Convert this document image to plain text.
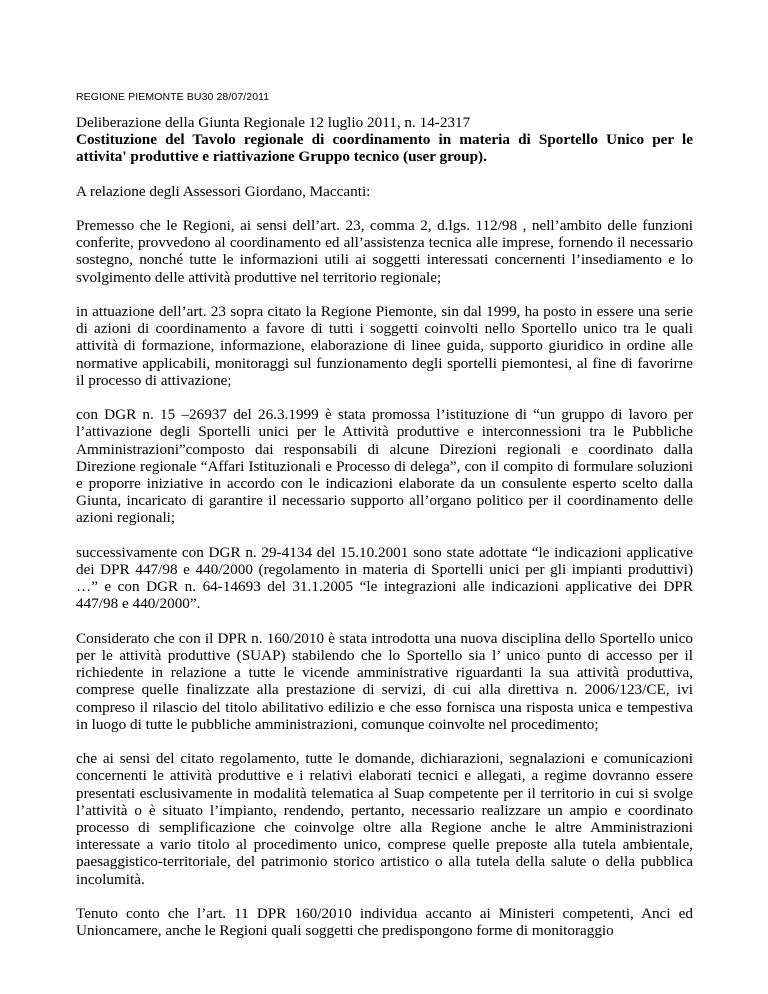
REGIONE PIEMONTE BU30 28/07/2011

Deliberazione della Giunta Regionale 12 luglio 2011, n. 14-2317

Costituzione del Tavolo regionale di coordinamento in materia di Sportello Unico per le attivita' produttive e riattivazione Gruppo tecnico (user group).

A relazione degli Assessori Giordano, Maccanti:

Premesso che le Regioni, ai sensi dell’art. 23, comma 2, d.lgs. 112/98 , nell’ambito delle funzioni conferite, provvedono al coordinamento ed all’assistenza tecnica alle imprese, fornendo il necessario sostegno, nonché tutte le informazioni utili ai soggetti interessati concernenti l’insediamento e lo svolgimento delle attività produttive nel territorio regionale;

in attuazione dell’art. 23 sopra citato la Regione Piemonte, sin dal 1999, ha posto in essere una serie di azioni di coordinamento a favore di tutti i soggetti coinvolti nello Sportello unico tra le quali attività di formazione, informazione, elaborazione di linee guida, supporto giuridico in ordine alle normative applicabili, monitoraggi sul funzionamento degli sportelli piemontesi, al fine di favorirne il processo di attivazione;

con DGR n. 15 –26937 del 26.3.1999 è stata promossa l’istituzione di “un gruppo di lavoro per l’attivazione degli Sportelli unici per le Attività produttive e interconnessioni tra le Pubbliche Amministrazioni”composto dai responsabili di alcune Direzioni regionali e coordinato dalla Direzione regionale “Affari Istituzionali e Processo di delega”, con il compito di formulare soluzioni e proporre iniziative in accordo con le indicazioni elaborate da un consulente esperto scelto dalla Giunta, incaricato di garantire il necessario supporto all’organo politico per il coordinamento delle azioni regionali;

successivamente con DGR n. 29-4134 del 15.10.2001 sono state adottate “le indicazioni applicative dei DPR 447/98 e 440/2000 (regolamento in materia di Sportelli unici per gli impianti produttivi) …” e con DGR n. 64-14693 del 31.1.2005 “le integrazioni alle indicazioni applicative dei DPR 447/98 e 440/2000”.

Considerato che con il DPR n. 160/2010 è stata introdotta una nuova disciplina dello Sportello unico per le attività produttive (SUAP) stabilendo che lo Sportello sia l’ unico punto di accesso per il richiedente in relazione a tutte le vicende amministrative riguardanti la sua attività produttiva, comprese quelle finalizzate alla prestazione di servizi, di cui alla direttiva n. 2006/123/CE, ivi compreso il rilascio del titolo abilitativo edilizio e che esso fornisca una risposta unica e tempestiva in luogo di tutte le pubbliche amministrazioni, comunque coinvolte nel procedimento;

che ai sensi del citato regolamento, tutte le domande, dichiarazioni, segnalazioni e comunicazioni concernenti le attività produttive e i relativi elaborati tecnici e allegati, a regime dovranno essere presentati esclusivamente in modalità telematica al Suap competente per il territorio in cui si svolge l’attività o è situato l’impianto, rendendo, pertanto, necessario realizzare un ampio e coordinato processo di semplificazione che coinvolge oltre alla Regione anche le altre Amministrazioni interessate a vario titolo al procedimento unico, comprese quelle preposte alla tutela ambientale, paesaggistico-territoriale, del patrimonio storico artistico o alla tutela della salute o della pubblica incolumità.

Tenuto conto che l’art. 11 DPR 160/2010 individua accanto ai Ministeri competenti, Anci ed Unioncamere, anche le Regioni quali soggetti che predispongono forme di monitoraggio
